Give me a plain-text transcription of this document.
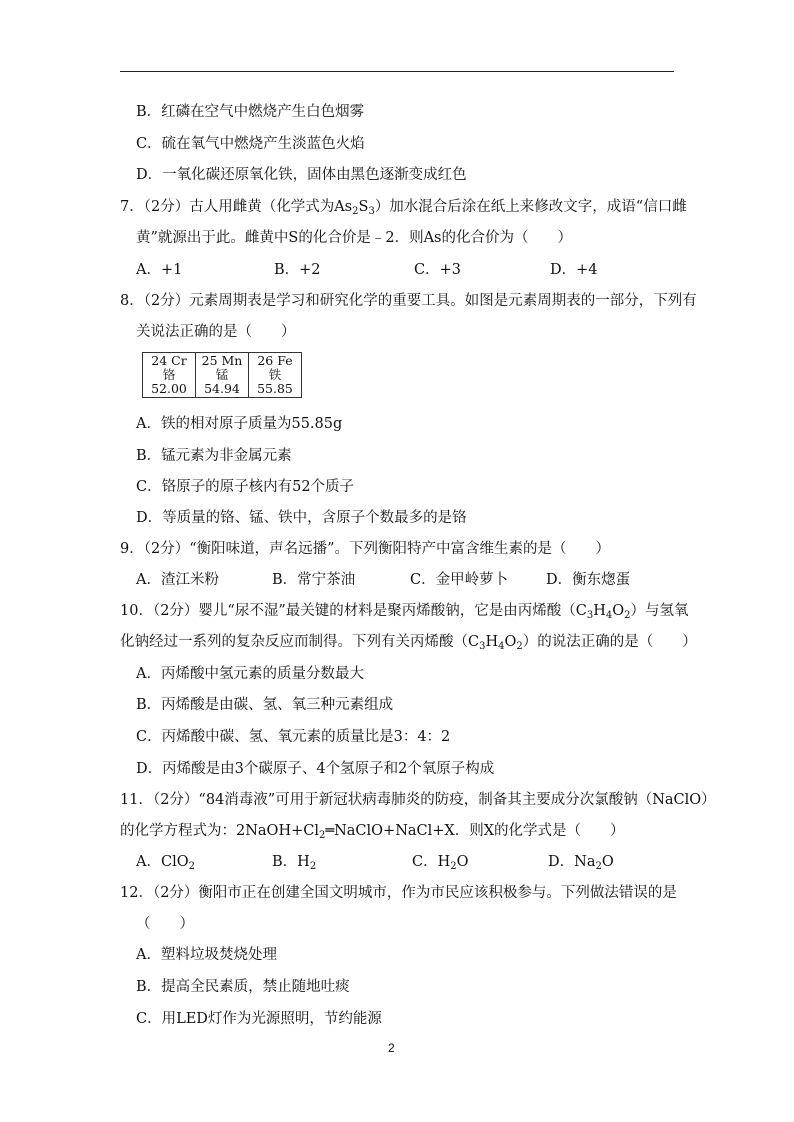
B．红磷在空气中燃烧产生白色烟雾
C．硫在氧气中燃烧产生淡蓝色火焰
D．一氧化碳还原氧化铁，固体由黑色逐渐变成红色
7．（2分）古人用雌黄（化学式为$As_2S_3$）加水混合后涂在纸上来修改文字，成语“信口雌
黄”就源出于此。雌黄中S的化合价是﹣2．则As的化合价为（　　）
A．+1	B．+2	C．+3	D．+4
8．（2分）元素周期表是学习和研究化学的重要工具。如图是元素周期表的一部分，下列有
关说法正确的是（　　）
24 Cr
铬
52.00

25 Mn
锰
54.94

26 Fe
铁
55.85
A．铁的相对原子质量为55.85g
B．锰元素为非金属元素
C．铬原子的原子核内有52个质子
D．等质量的铬、锰、铁中，含原子个数最多的是铬
9．（2分）“衡阳味道，声名远播”。下列衡阳特产中富含维生素的是（　　）
A．渣江米粉	B．常宁茶油	C．金甲岭萝卜	D．衡东㷓蛋
10．（2分）婴儿“尿不湿”最关键的材料是聚丙烯酸钠，它是由丙烯酸$(C_3H_4O_2)$与氢氧
化钠经过一系列的复杂反应而制得。下列有关丙烯酸$(C_3H_4O_2)$的说法正确的是（　　）
A．丙烯酸中氢元素的质量分数最大
B．丙烯酸是由碳、氢、氧三种元素组成
C．丙烯酸中碳、氢、氧元素的质量比是3：4：2
D．丙烯酸是由3个碳原子、4个氢原子和2个氧原子构成
11．（2分）“84消毒液”可用于新冠状病毒肺炎的防疫，制备其主要成分次氯酸钠（NaClO）
的化学方程式为：$2NaOH+Cl_2═NaClO+NaCl+X$．则X的化学式是（　　）
A．ClO$_2$	B．$H_2$	C．$H_2O$	D．$Na_2O$
12．（2分）衡阳市正在创建全国文明城市，作为市民应该积极参与。下列做法错误的是
（　　）
A．塑料垃圾焚烧处理
B．提高全民素质，禁止随地吐痰
C．用LED灯作为光源照明，节约能源
2
